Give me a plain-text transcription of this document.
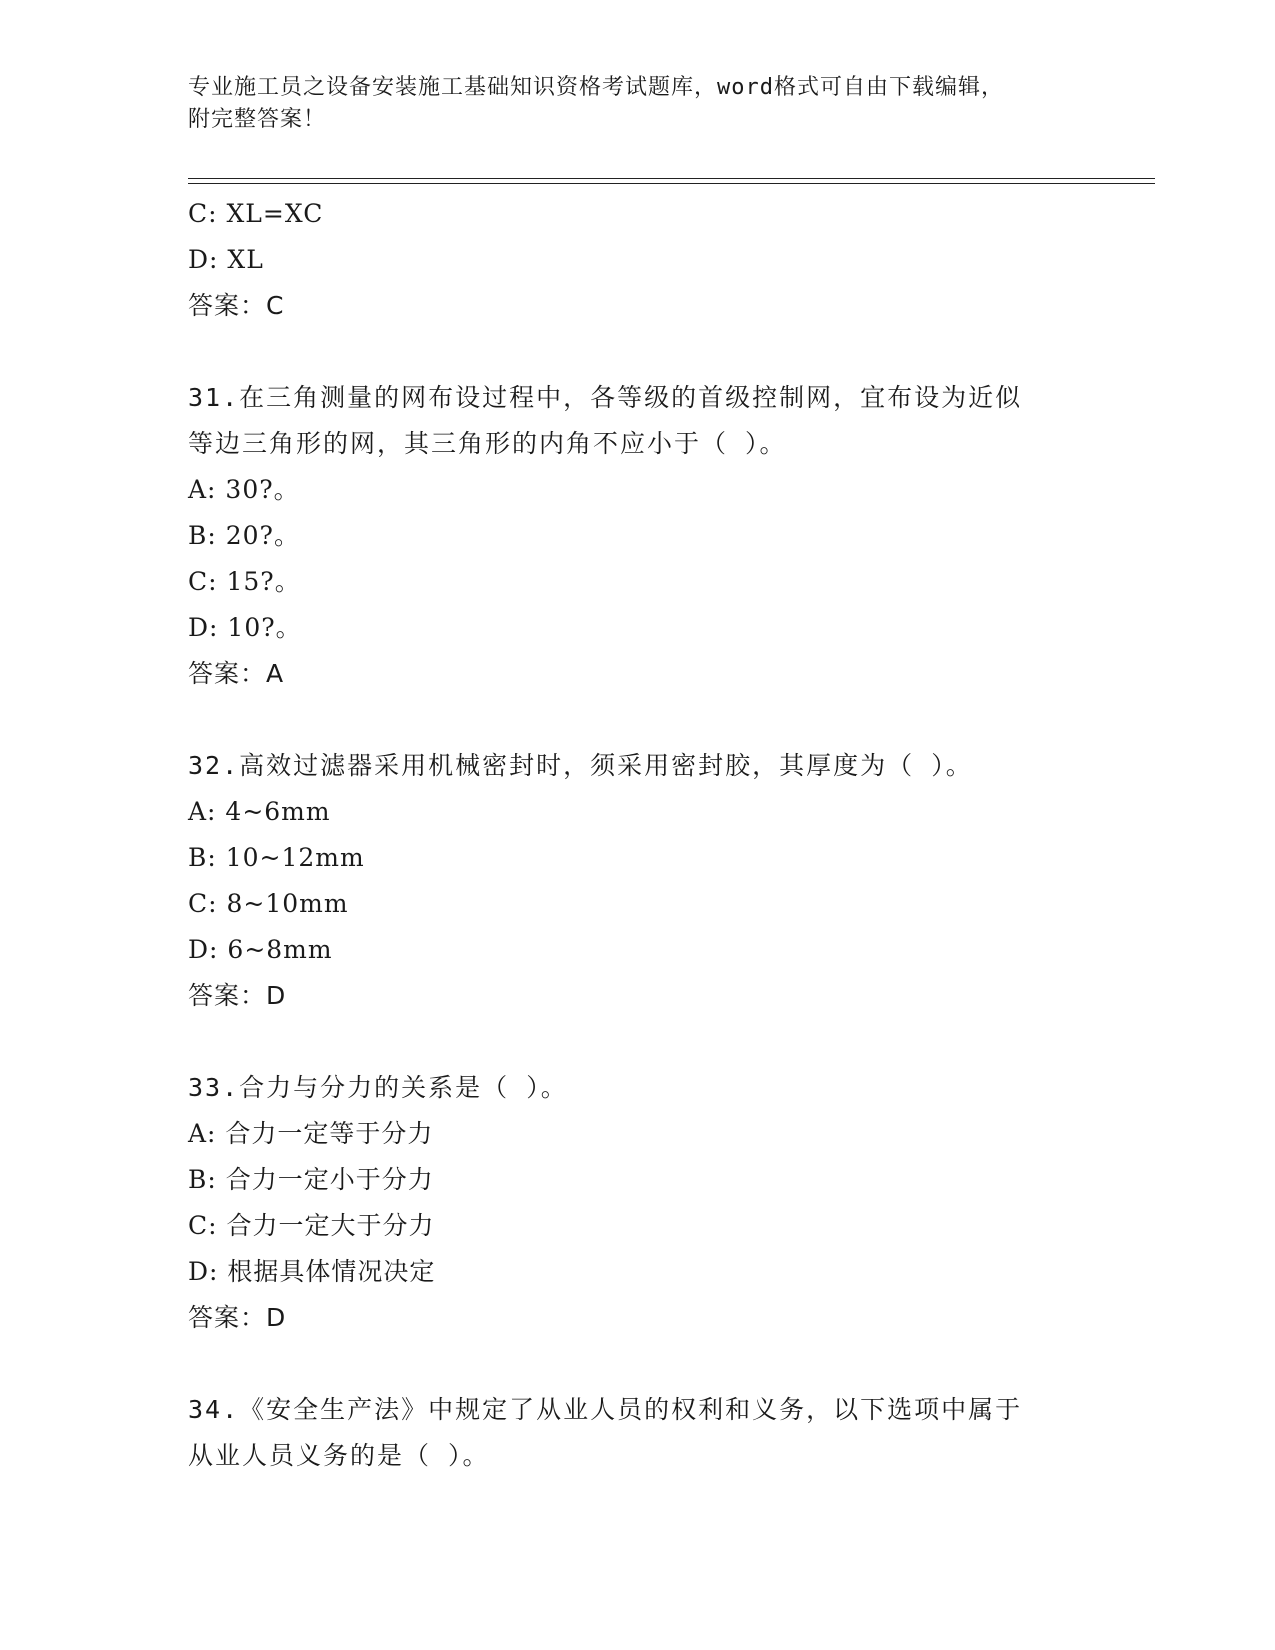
专业施工员之设备安装施工基础知识资格考试题库，word格式可自由下载编辑，
附完整答案！
C: XL=XC
D: XL
答案：C
31.在三角测量的网布设过程中，各等级的首级控制网，宜布设为近似
等边三角形的网，其三角形的内角不应小于（ ）。
A: 30?。
B: 20?。
C: 15?。
D: 10?。
答案：A
32.高效过滤器采用机械密封时，须采用密封胶，其厚度为（ ）。
A: 4~6mm
B: 10~12mm
C: 8~10mm
D: 6~8mm
答案：D
33.合力与分力的关系是（ ）。
A: 合力一定等于分力
B: 合力一定小于分力
C: 合力一定大于分力
D: 根据具体情况决定
答案：D
34.《安全生产法》中规定了从业人员的权利和义务，以下选项中属于
从业人员义务的是（ ）。
